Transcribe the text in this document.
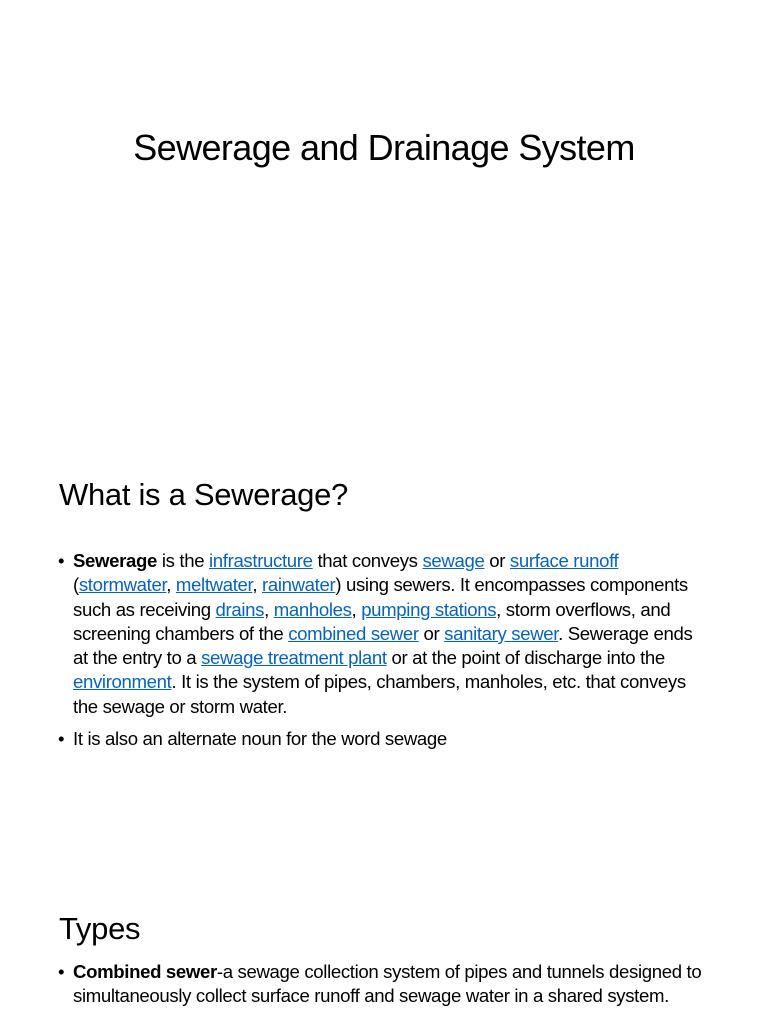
Sewerage and Drainage System
What is a Sewerage?
• Sewerage is the infrastructure that conveys sewage or surface runoff (stormwater, meltwater, rainwater) using sewers. It encompasses components such as receiving drains, manholes, pumping stations, storm overflows, and screening chambers of the combined sewer or sanitary sewer. Sewerage ends at the entry to a sewage treatment plant or at the point of discharge into the environment. It is the system of pipes, chambers, manholes, etc. that conveys the sewage or storm water.
• It is also an alternate noun for the word sewage
Types
• Combined sewer-a sewage collection system of pipes and tunnels designed to simultaneously collect surface runoff and sewage water in a shared system.
